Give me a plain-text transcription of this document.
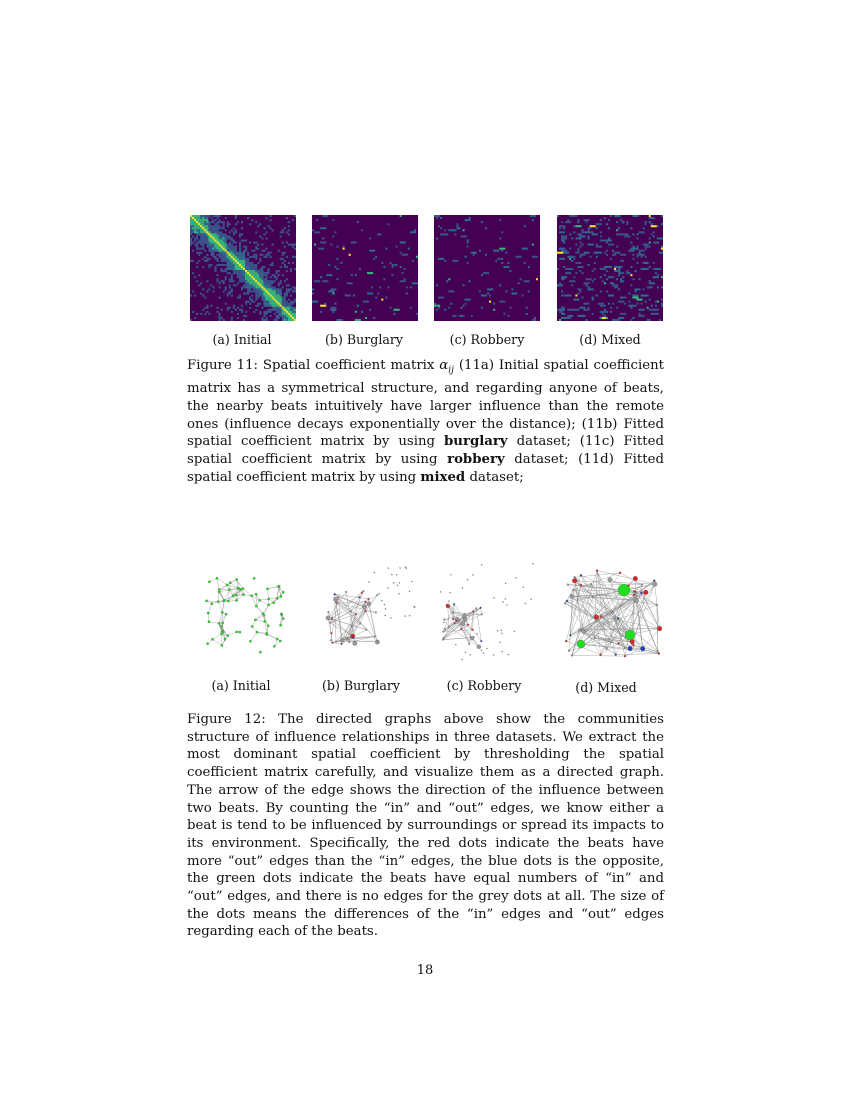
(a) Initial	(b) Burglary	(c) Robbery	(d) Mixed

Figure 11: Spatial coefficient matrix $\alpha_{ij}$ (11a) Initial spatial coefficient matrix has a symmetrical structure, and regarding anyone of beats, the nearby beats intuitively have larger influence than the remote ones (influence decays exponentially over the distance); (11b) Fitted spatial coefficient matrix by using burglary dataset; (11c) Fitted spatial coefficient matrix by using robbery dataset; (11d) Fitted spatial coefficient matrix by using mixed dataset;

(a) Initial	(b) Burglary	(c) Robbery	(d) Mixed

Figure 12: The directed graphs above show the communities structure of influence relationships in three datasets. We extract the most dominant spatial coefficient by thresholding the spatial coefficient matrix carefully, and visualize them as a directed graph. The arrow of the edge shows the direction of the influence between two beats. By counting the “in” and “out” edges, we know either a beat is tend to be influenced by surroundings or spread its impacts to its environment. Specifically, the red dots indicate the beats have more “out” edges than the “in” edges, the blue dots is the opposite, the green dots indicate the beats have equal numbers of “in” and “out” edges, and there is no edges for the grey dots at all. The size of the dots means the differences of the “in” edges and “out” edges regarding each of the beats.

18
